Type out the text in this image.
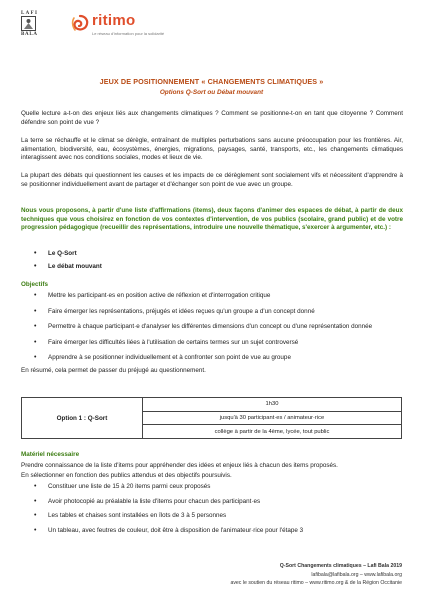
L A F I
B A L A
ritimo
Le réseau d'information pour la solidarité
JEUX DE POSITIONNEMENT « CHANGEMENTS CLIMATIQUES »
Options Q-Sort ou Débat mouvant

Quelle lecture a-t-on des enjeux liés aux changements climatiques ? Comment se positionne-t-on en tant que citoyenne ? Comment défendre son point de vue ?

La terre se réchauffe et le climat se dérègle, entraînant de multiples perturbations sans aucune préoccupation pour les frontières. Air, alimentation, biodiversité, eau, écosystèmes, énergies, migrations, paysages, santé, transports, etc., les changements climatiques interagissent avec nos conditions sociales, modes et lieux de vie.

La plupart des débats qui questionnent les causes et les impacts de ce dérèglement sont socialement vifs et nécessitent d'apprendre à se positionner individuellement avant de partager et d'échanger son point de vue avec un groupe.

Nous vous proposons, à partir d'une liste d'affirmations (items), deux façons d'animer des espaces de débat, à partir de deux techniques que vous choisirez en fonction de vos contextes d'intervention, de vos publics (scolaire, grand public) et de votre progression pédagogique (recueillir des représentations, introduire une nouvelle thématique, s'exercer à argumenter, etc.) :

• Le Q-Sort
• Le débat mouvant
Objectifs
• Mettre les participant·es en position active de réflexion et d'interrogation critique
• Faire émerger les représentations, préjugés et idées reçues qu'un groupe a d'un concept donné
• Permettre à chaque participant·e d'analyser les différentes dimensions d'un concept ou d'une représentation donnée
• Faire émerger les difficultés liées à l'utilisation de certains termes sur un sujet controversé
• Apprendre à se positionner individuellement et à confronter son point de vue au groupe

En résumé, cela permet de passer du préjugé au questionnement.

Option 1 : Q-Sort
1h30
jusqu'à 30 participant·es / animateur·rice
collège à partir de la 4ème, lycée, tout public
Matériel nécessaire

Prendre connaissance de la liste d'items pour appréhender des idées et enjeux liés à chacun des items proposés.

En sélectionner en fonction des publics attendus et des objectifs poursuivis.

• Constituer une liste de 15 à 20 items parmi ceux proposés
• Avoir photocopié au préalable la liste d'items pour chacun des participant·es
• Les tables et chaises sont installées en îlots de 3 à 5 personnes
• Un tableau, avec feutres de couleur, doit être à disposition de l'animateur·rice pour l'étape 3
Q-Sort Changements climatiques – Lafi Bala 2019
lafibala@lafibala.org – www.lafibala.org
avec le soutien du réseau ritimo – www.ritimo.org & de la Région Occitanie
